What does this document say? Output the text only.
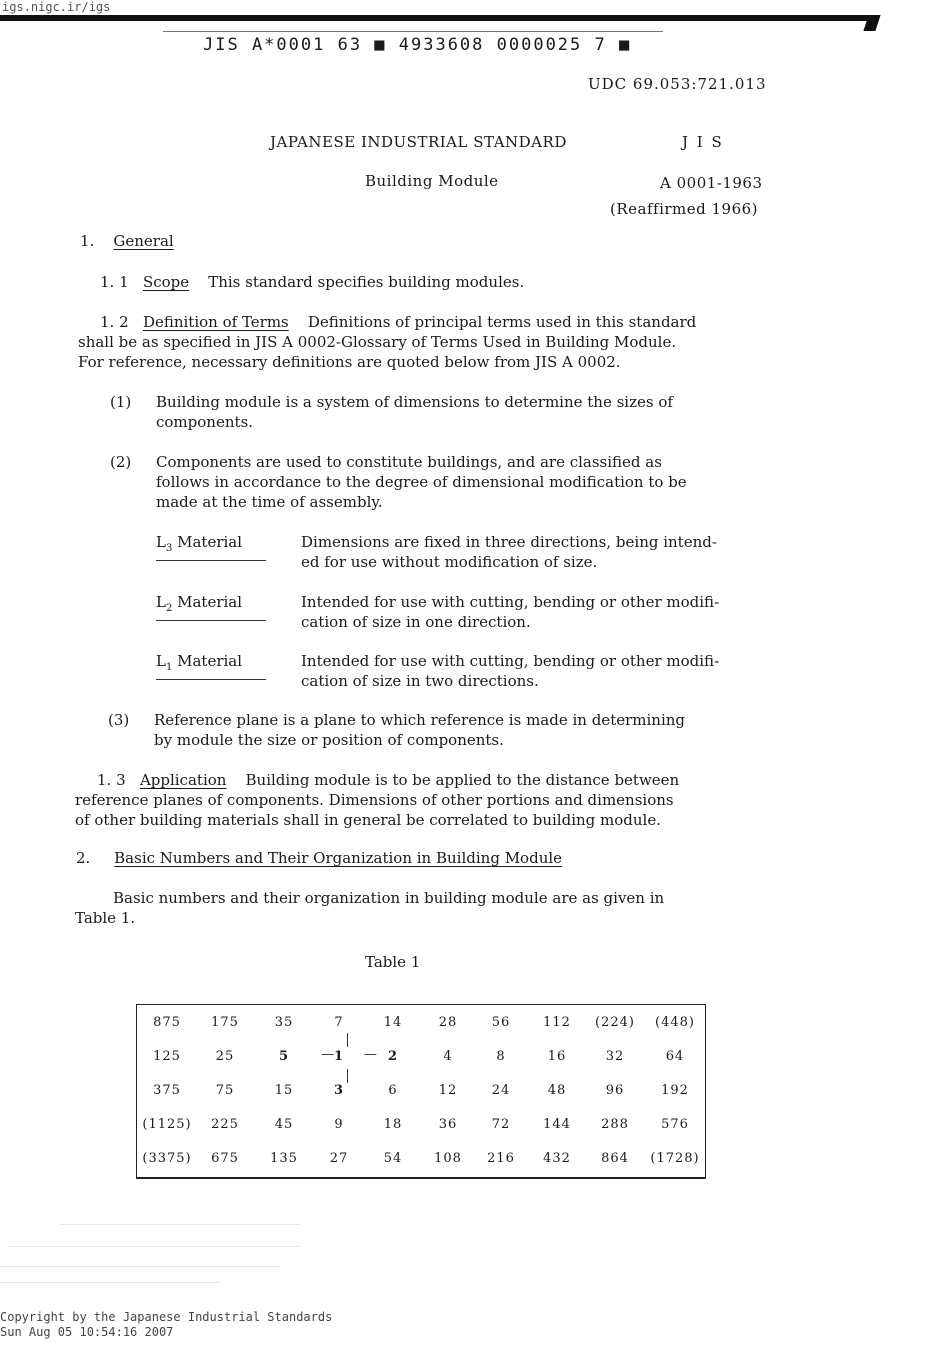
igs.nigc.ir/igs
JIS A*0001 63 ■ 4933608 0000025 7 ■
UDC 69.053:721.013
JAPANESE INDUSTRIAL STANDARD	J I S
Building Module	A 0001-1963
(Reaffirmed 1966)
1. General
1. 1 Scope This standard specifies building modules.

1. 2 Definition of Terms Definitions of principal terms used in this standard

shall be as specified in JIS A 0002-Glossary of Terms Used in Building Module.

For reference, necessary definitions are quoted below from JIS A 0002.

(1) Building module is a system of dimensions to determine the sizes of

components.

(2) Components are used to constitute buildings, and are classified as

follows in accordance to the degree of dimensional modification to be

made at the time of assembly.

$L_3$ Material	Dimensions are fixed in three directions, being intend-

ed for use without modification of size.

$L_2$ Material	Intended for use with cutting, bending or other modifi-

cation of size in one direction.

$L_1$ Material	Intended for use with cutting, bending or other modifi-

cation of size in two directions.

(3) Reference plane is a plane to which reference is made in determining

by module the size or position of components.

1. 3 Application Building module is to be applied to the distance between

reference planes of components. Dimensions of other portions and dimensions

of other building materials shall in general be correlated to building module.

2. Basic Numbers and Their Organization in Building Module

Basic numbers and their organization in building module are as given in

Table 1.

Table 1
875	175	35	7	14	28	56	112	(224)	(448)
125	25	5	1	2	4	8	16	32	64
375	75	15	3	6	12	24	48	96	192
(1125)	225	45	9	18	36	72	144	288	576
(3375)	675	135	27	54	108	216	432	864	(1728)
— —
Copyright by the Japanese Industrial Standards
Sun Aug 05 10:54:16 2007
